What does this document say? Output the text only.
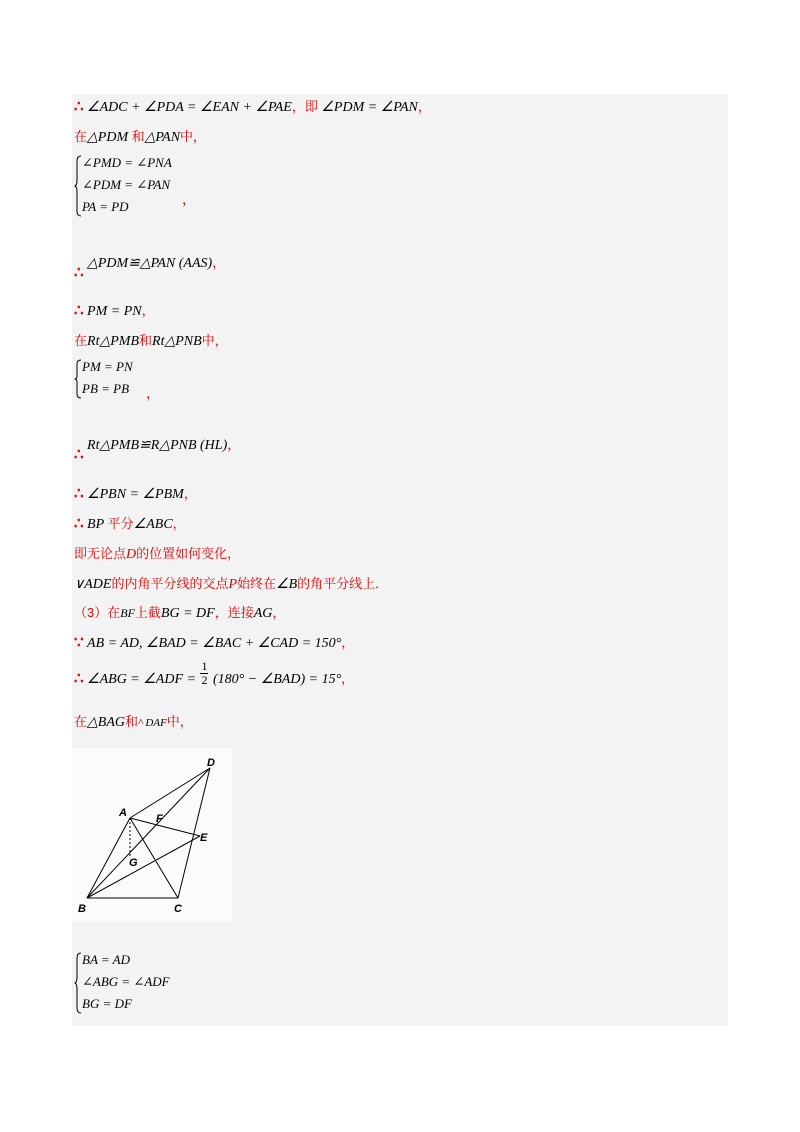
∴ ∠ADC + ∠PDA = ∠EAN + ∠PAE，即 ∠PDM = ∠PAN，
在△PDM 和△PAN中，
∠PMD = ∠PNA
∠PDM = ∠PAN
PA = PD	，
∴ △PDM≌△PAN (AAS)，
∴ PM = PN，
在Rt△PMB和Rt△PNB中，
PM = PN
PB = PB ，
∴ Rt△PMB≌R△PNB (HL)，
∴ ∠PBN = ∠PBM，
∴ BP 平分∠ABC，
即无论点D的位置如何变化，
∨ADE的内角平分线的交点P始终在∠B的角平分线上．
（3）在BF上截BG = DF，连接AG，
∵ AB = AD, ∠BAD = ∠BAC + ∠CAD = 150°，
∴ ∠ABG = ∠ADF = $\frac{1}{2} (180^\circ$ − ∠BAD) = 15°，
在△BAG和^ DAF中，
D
A	F
E
G
B	C
BA = AD
∠ABG = ∠ADF
BG = DF
